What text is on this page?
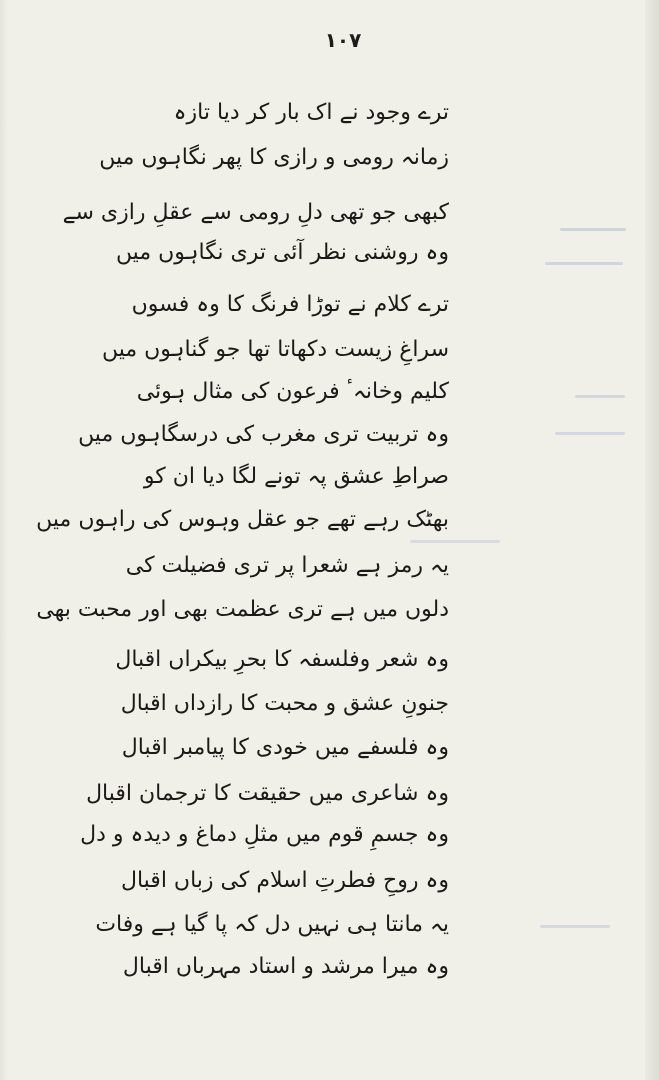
١٠٧
ترے وجود نے اک بار کر دیا تازہ
زمانہ رومی و رازی کا پھر نگاہوں میں
کبھی جو تھی دلِ رومی سے عقلِ رازی سے
وہ روشنی نظر آئی تری نگاہوں میں
ترے کلام نے توڑا فرنگ کا وہ فسوں
سراغِ زیست دکھاتا تھا جو گناہوں میں
کلیم وخانہٴ فرعون کی مثال ہوئی
وہ تربیت تری مغرب کی درسگاہوں میں
صراطِ عشق پہ تونے لگا دیا ان کو
بھٹک رہے تھے جو عقل وہوس کی راہوں میں
یہ رمز ہے شعرا پر تری فضیلت کی
دلوں میں ہے تری عظمت بھی اور محبت بھی
وہ شعر وفلسفہ کا بحرِ بیکراں اقبال
جنونِ عشق و محبت کا رازداں اقبال
وہ فلسفے میں خودی کا پیامبر اقبال
وہ شاعری میں حقیقت کا ترجمان اقبال
وہ جسمِ قوم میں مثلِ دماغ و دیدہ و دل
وہ روحِ فطرتِ اسلام کی زباں اقبال
یہ مانتا ہی نہیں دل کہ پا گیا ہے وفات
وہ میرا مرشد و استاد مہرباں اقبال
